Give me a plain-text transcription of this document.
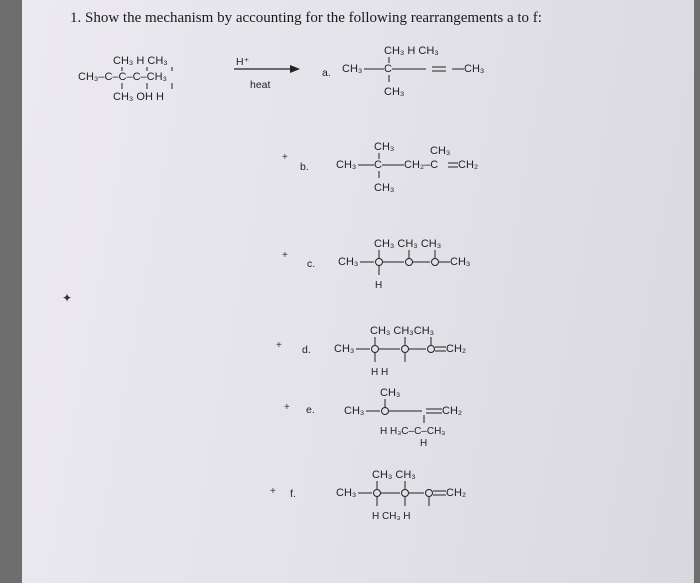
1. Show the mechanism by accounting for the following rearrangements a to f:
CH₃ H CH₃
CH₃–C–C–C–CH₃
CH₃ OH H
H⁺
heat
a.
CH₃ H CH₃
CH₃ C	CH₃
CH₃
+
b.
CH₃	CH₃
CH₃ C CH₂–C CH₂
CH₃
+
c.
CH₃ CH₃ CH₃
CH₃	CH₃
H
+ d.
CH₃ CH₃CH₃
CH₃	CH₂
H H
+ e.
CH₃
CH₃	CH₂
H H₃C–C–CH₃
H
+ f.
CH₃ CH₃
CH₃	CH₂
H CH₃ H
✦
